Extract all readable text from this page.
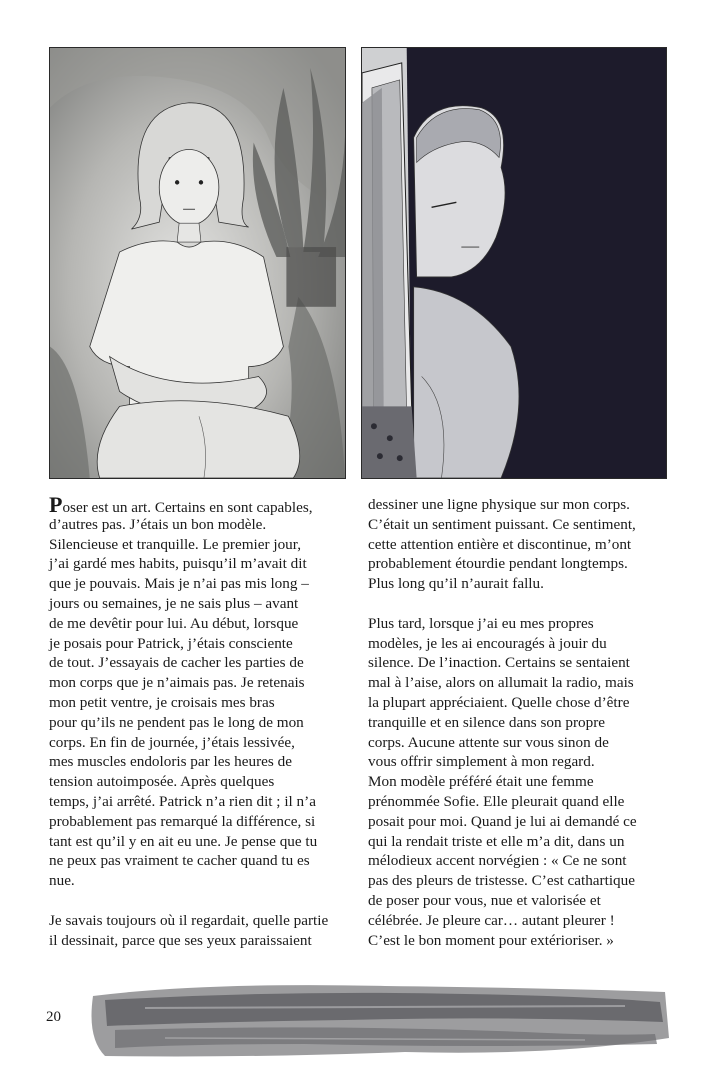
Poser est un art. Certains en sont capables,
d’autres pas. J’étais un bon modèle.
Silencieuse et tranquille. Le premier jour,
j’ai gardé mes habits, puisqu’il m’avait dit
que je pouvais. Mais je n’ai pas mis long –
jours ou semaines, je ne sais plus – avant
de me devêtir pour lui. Au début, lorsque
je posais pour Patrick, j’étais consciente
de tout. J’essayais de cacher les parties de
mon corps que je n’aimais pas. Je retenais
mon petit ventre, je croisais mes bras
pour qu’ils ne pendent pas le long de mon
corps. En fin de journée, j’étais lessivée,
mes muscles endoloris par les heures de
tension autoimposée. Après quelques
temps, j’ai arrêté. Patrick n’a rien dit ; il n’a
probablement pas remarqué la différence, si
tant est qu’il y en ait eu une. Je pense que tu
ne peux pas vraiment te cacher quand tu es
nue.
Je savais toujours où il regardait, quelle partie
il dessinait, parce que ses yeux paraissaient
dessiner une ligne physique sur mon corps.
C’était un sentiment puissant. Ce sentiment,
cette attention entière et discontinue, m’ont
probablement étourdie pendant longtemps.
Plus long qu’il n’aurait fallu.
Plus tard, lorsque j’ai eu mes propres
modèles, je les ai encouragés à jouir du
silence. De l’inaction. Certains se sentaient
mal à l’aise, alors on allumait la radio, mais
la plupart appréciaient. Quelle chose d’être
tranquille et en silence dans son propre
corps. Aucune attente sur vous sinon de
vous offrir simplement à mon regard.
Mon modèle préféré était une femme
prénommée Sofie. Elle pleurait quand elle
posait pour moi. Quand je lui ai demandé ce
qui la rendait triste et elle m’a dit, dans un
mélodieux accent norvégien : « Ce ne sont
pas des pleurs de tristesse. C’est cathartique
de poser pour vous, nue et valorisée et
célébrée. Je pleure car… autant pleurer !
C’est le bon moment pour extérioriser. »
20
